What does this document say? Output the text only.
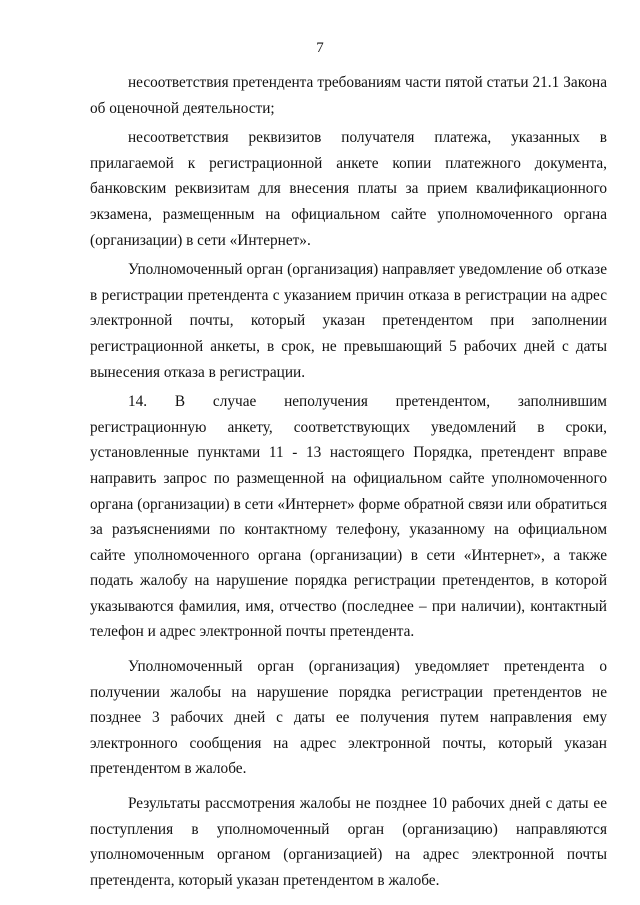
7

несоответствия претендента требованиям части пятой статьи 21.1 Закона об оценочной деятельности;

несоответствия реквизитов получателя платежа, указанных в прилагаемой к регистрационной анкете копии платежного документа, банковским реквизитам для внесения платы за прием квалификационного экзамена, размещенным на официальном сайте уполномоченного органа (организации) в сети «Интернет».

Уполномоченный орган (организация) направляет уведомление об отказе в регистрации претендента с указанием причин отказа в регистрации на адрес электронной почты, который указан претендентом при заполнении регистрационной анкеты, в срок, не превышающий 5 рабочих дней с даты вынесения отказа в регистрации.

14. В случае неполучения претендентом, заполнившим регистрационную анкету, соответствующих уведомлений в сроки, установленные пунктами 11 - 13 настоящего Порядка, претендент вправе направить запрос по размещенной на официальном сайте уполномоченного органа (организации) в сети «Интернет» форме обратной связи или обратиться за разъяснениями по контактному телефону, указанному на официальном сайте уполномоченного органа (организации) в сети «Интернет», а также подать жалобу на нарушение порядка регистрации претендентов, в которой указываются фамилия, имя, отчество (последнее – при наличии), контактный телефон и адрес электронной почты претендента.

Уполномоченный орган (организация) уведомляет претендента о получении жалобы на нарушение порядка регистрации претендентов не позднее 3 рабочих дней с даты ее получения путем направления ему электронного сообщения на адрес электронной почты, который указан претендентом в жалобе.

Результаты рассмотрения жалобы не позднее 10 рабочих дней с даты ее поступления в уполномоченный орган (организацию) направляются уполномоченным органом (организацией) на адрес электронной почты претендента, который указан претендентом в жалобе.
